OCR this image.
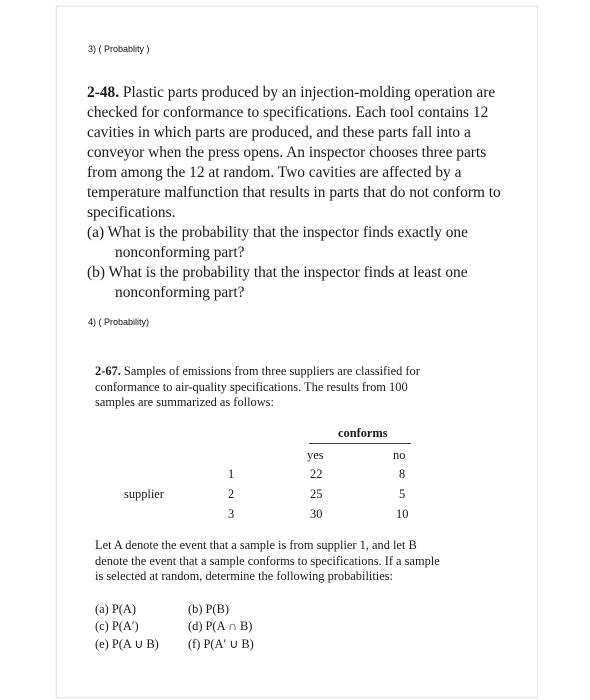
3) ( Probablity )
2-48. Plastic parts produced by an injection-molding operation are checked for conformance to specifications. Each tool contains 12 cavities in which parts are produced, and these parts fall into a conveyor when the press opens. An inspector chooses three parts from among the 12 at random. Two cavities are affected by a temperature malfunction that results in parts that do not conform to specifications.
(a) What is the probability that the inspector finds exactly one nonconforming part?
(b) What is the probability that the inspector finds at least one nonconforming part?
4) ( Probability)
2-67. Samples of emissions from three suppliers are classified for conformance to air-quality specifications. The results from 100 samples are summarized as follows:
conforms
yes	no
1	22	8
supplier	2	25	5
3	30	10
Let A denote the event that a sample is from supplier 1, and let B denote the event that a sample conforms to specifications. If a sample is selected at random, determine the following probabilities:
(a) P(A)	(b) P(B)
(c) P(A′)	(d) P(A ∩ B)
(e) P(A ∪ B) (f) P(A′ ∪ B)
